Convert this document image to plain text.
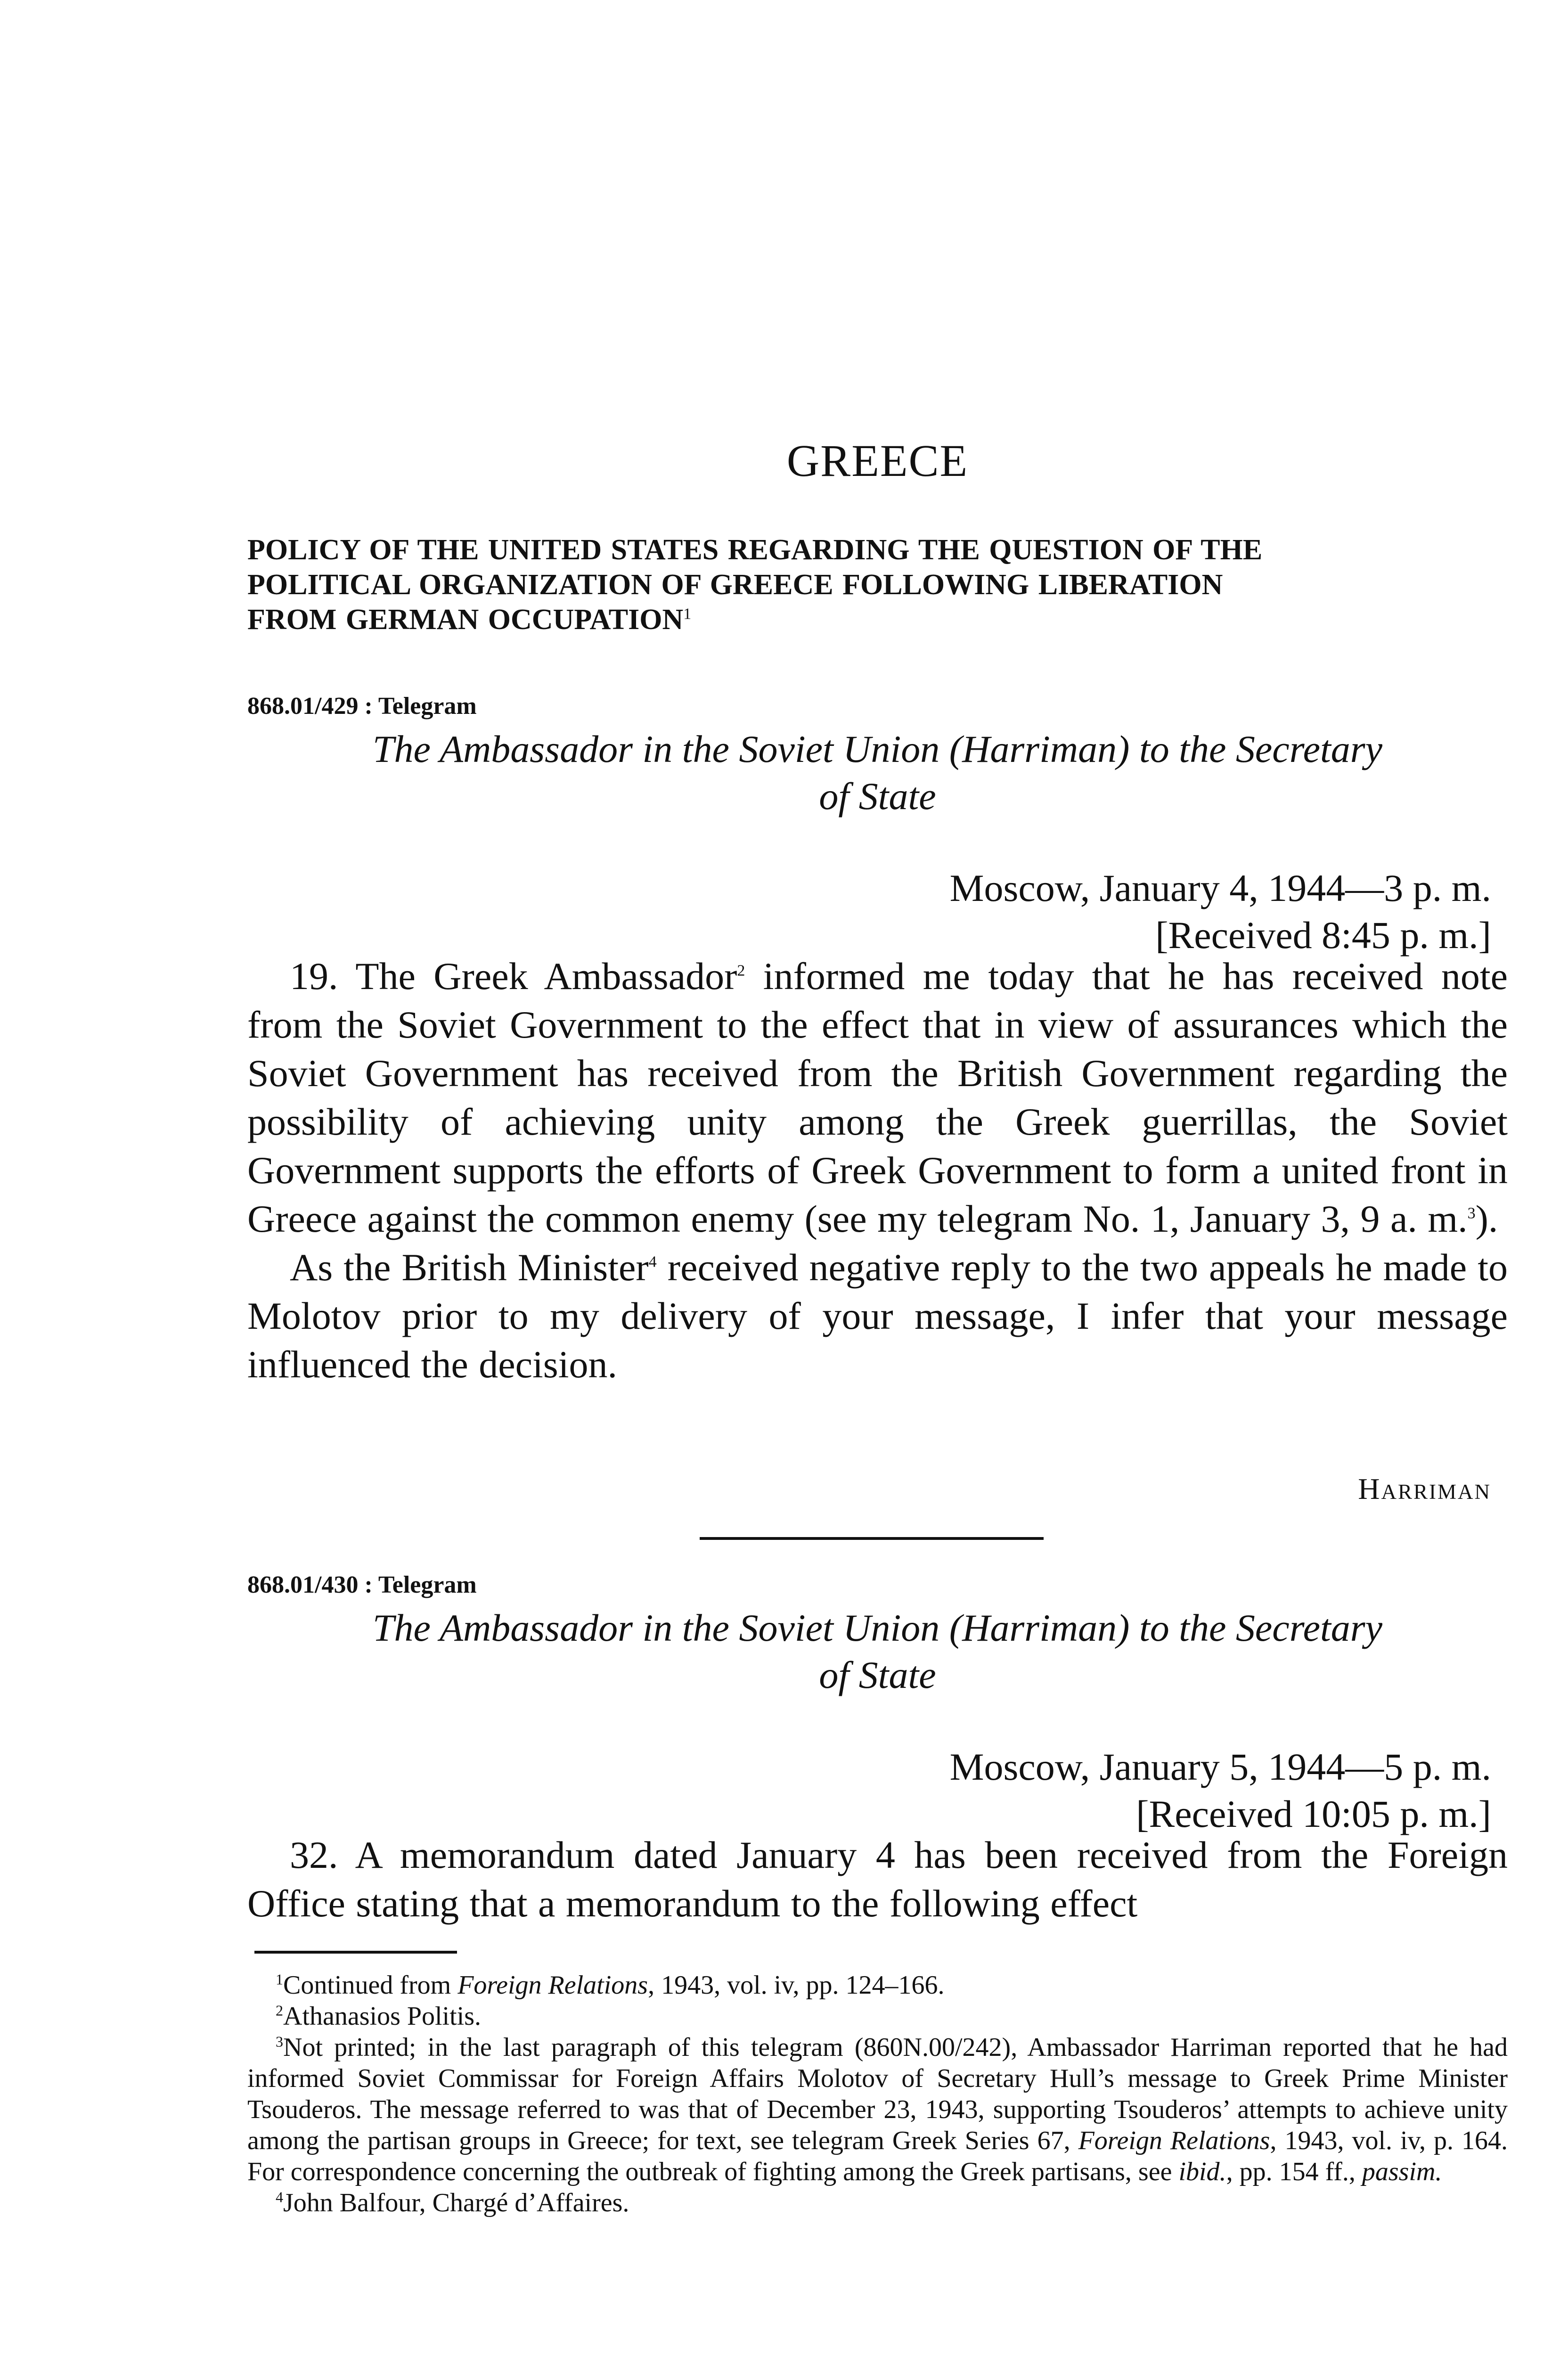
GREECE
POLICY OF THE UNITED STATES REGARDING THE QUESTION OF THE
POLITICAL ORGANIZATION OF GREECE FOLLOWING LIBERATION
FROM GERMAN OCCUPATION$^1$
868.01/429 : Telegram
The Ambassador in the Soviet Union (Harriman) to the Secretary
of State
Moscow, January 4, 1944—3 p. m.
[Received 8:45 p. m.]

19. The Greek Ambassador$^2$ informed me today that he has received note from the Soviet Government to the effect that in view of assurances which the Soviet Government has received from the British Government regarding the possibility of achieving unity among the Greek guerrillas, the Soviet Government supports the efforts of Greek Government to form a united front in Greece against the common enemy (see my telegram No. 1, January 3, 9 a. m.$^3$).

As the British Minister$^4$ received negative reply to the two appeals he made to Molotov prior to my delivery of your message, I infer that your message influenced the decision.

Harriman
868.01/430 : Telegram
The Ambassador in the Soviet Union (Harriman) to the Secretary
of State
Moscow, January 5, 1944—5 p. m.
[Received 10:05 p. m.]

32. A memorandum dated January 4 has been received from the Foreign Office stating that a memorandum to the following effect

$^1$Continued from Foreign Relations, 1943, vol. iv, pp. 124–166.

$^2$Athanasios Politis.

$^3$Not printed; in the last paragraph of this telegram (860N.00/242), Ambassador Harriman reported that he had informed Soviet Commissar for Foreign Affairs Molotov of Secretary Hull’s message to Greek Prime Minister Tsouderos. The message referred to was that of December 23, 1943, supporting Tsouderos’ attempts to achieve unity among the partisan groups in Greece; for text, see telegram Greek Series 67, Foreign Relations, 1943, vol. iv, p. 164. For correspondence concerning the outbreak of fighting among the Greek partisans, see ibid., pp. 154 ff., passim.

$^4$John Balfour, Chargé d’Affaires.
